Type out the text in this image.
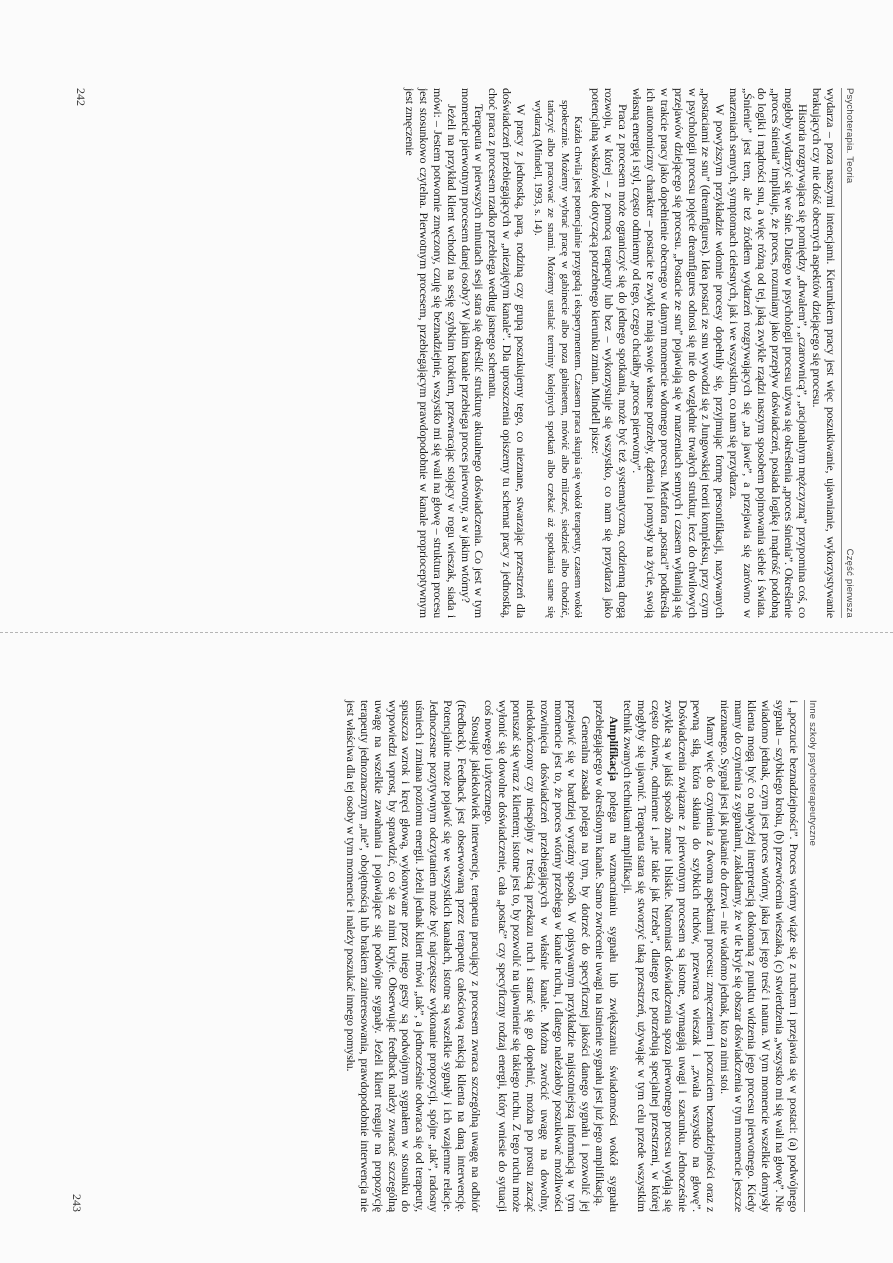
Psychoterapia. Teoria
Część pierwsza

wydarza – poza naszymi intencjami. Kierunkiem pracy jest więc poszukiwanie, ujawnianie, wykorzystywanie brakujących czy nie dość obecnych aspektów dziejącego się procesu.

Historia rozgrywająca się pomiędzy „drwalem”, „czarownicą”, „racjonalnym mężczyzną” przypomina coś, co mogłoby wydarzyć się we śnie. Dlatego w psychologii procesu używa się określenia „proces śnienia”. Określenie „proces śnienia” implikuje, że proces, rozumiany jako przepływ doświadczeń, posiada logikę i mądrość podobną do logiki i mądrości snu, a więc różną od tej, jaką zwykle rządzi naszym sposobem pojmowania siebie i świata. „Śnienie” jest tem, ale też źródłem wydarzeń rozgrywających się „na jawie”, a przejawia się zarówno w marzeniach sennych, symptomach cielesnych, jak i we wszystkim, co nam się przydarza.

W powyższym przykładzie wdomie procesy dopełniły się, przyjmując formę personifikacji, nazywanych „postaciami ze snu” (dreamfigures). Idea postaci ze snu wywodzi się z Jungowskiej teorii kompleksu, przy czym w psychologii procesu pojęcie dreamfigures odnosi się nie do względnie trwałych struktur, lecz do chwilowych przejawów dziejącego się procesu. „Postacie ze snu” pojawiają się w marzeniach sennych i czasem wyłaniają się w trakcie pracy jako dopełnienie obecnego w danym momencie wdomego procesu. Metafora „postaci” podkreśla ich autonomiczny charakter – postacie te zwykle mają swoje własne potrzeby, dążenia i pomysły na życie, swoją własną energię i styl, często odmienny od tego, czego chciałby „proces pierwotny”.

Praca z procesem może ograniczyć się do jednego spotkania, może być też systematyczna, codzienną drogą rozwoju, w której – z pomocą terapeuty lub bez – wykorzystuje się wszystko, co nam się przydarza jako potencjalną wskazówkę dotyczącą potrzebnego kierunku zmian. Mindell pisze:

Każda chwila jest potencjalnie przygodą i eksperymentem. Czasem praca skupia się wokół terapeuty, czasem wokół społecznie. Możemy wybrać pracę w gabinecie albo poza gabinetem, mówić albo milczeć, siedzieć albo chodzić, tańczyć albo pracować ze snami. Możemy ustalać terminy kolejnych spotkań albo czekać aż spotkania same się wydarzą (Mindell, 1993, s. 14).

W pracy z jednostką, parą, rodziną czy grupą poszukujemy tego, co nieznane, stwarzając przestrzeń dla doświadczeń przebiegających w „niezajętym kanale”. Dla uproszczenia opiszemy tu schemat pracy z jednostką, choć praca z procesem rzadko przebiega według jasnego schematu.

Terapeuta w pierwszych minutach sesji stara się określić strukturę aktualnego doświadczenia. Co jest w tym momencie pierwotnym procesem danej osoby? W jakim kanale przebiega proces pierwotny, a w jakim wtórny?

Jeżeli na przykład klient wchodzi na sesję szybkim krokiem, przewracając stojący w rogu wieszak, siada i mówi: – Jestem potwornie zmęczony, czuję się beznadziejnie, wszystko mi się wali na głowę – struktura procesu jest stosunkowo czytelna. Pierwotnym procesem, przebiegającym prawdopodobnie w kanale proprioceptywnym jest zmęczenie

242
Inne szkoły psychoterapeutyczne

i „poczucie beznadziejności”. Proces wtórny wiąże się z ruchem i przejawia się w postaci: (a) podwójnego sygnału – szybkiego kroku, (b) przewrócenia wieszaka, (c) stwierdzenia „wszystko mi się wali na głowę”. Nie wiadomo jednak, czym jest proces wtórny, jaka jest jego treść i natura. W tym momencie wszelkie domysły klienta mogą być co najwyżej interpretacją dokonaną z punktu widzenia jego procesu pierwotnego. Kiedy mamy do czynienia z sygnałami, zakładamy, że w tle kryje się obszar doświadczenia w tym momencie jeszcze nieznanego. Sygnał jest jak pukanie do drzwi – nie wiadomo jednak, kto za nimi stoi.

Mamy więc do czynienia z dwoma aspektami procesu: zmęczeniem i poczuciem beznadziejności oraz z pewną siłą, która skłania do szybkich ruchów, przewraca wieszak i „zwala wszystko na głowę”. Doświadczenia związane z pierwotnym procesem są istotne, wymagają uwagi i szacunku. Jednocześnie zwykle są w jakiś sposób znane i bliskie. Natomiast doświadczenia spoza pierwotnego procesu wydają się często dziwne, odmienne i „nie takie jak trzeba”, dlatego też potrzebują specjalnej przestrzeni, w której mogłyby się ujawnić. Terapeuta stara się stworzyć taką przestrzeń, używając w tym celu przede wszystkim technik zwanych technikami amplifikacji.

Amplifikacja polega na wzmacnianiu sygnału lub zwiększaniu świadomości wokół sygnału przebiegającego w określonym kanale. Samo zwrócenie uwagi na istnienie sygnału jest już jego amplifikacją.

Generalna zasada polega na tym, by dotrzeć do specyficznej jakości danego sygnału i pozwolić jej przejawić się w bardziej wyraźny sposób. W opisywanym przykładzie najistotniejszą informacją w tym momencie jest to, że proces wtórny przebiega w kanale ruchu, i dlatego należałoby poszukiwać możliwości rozwinięcia doświadczeń przebiegających w właśnie kanale. Można zwrócić uwagę na dowolny, niedokończony czy niespójny z treścią przekazu ruch i starać się go dopełnić, można po prostu zacząć poruszać się wraz z klientem; istotne jest to, by pozwolić na ujawnienie się takiego ruchu. Z tego ruchu może wyłonić się dowolne doświadczenie, cała „postać” czy specyficzny rodzaj energii, który wniesie do sytuacji coś nowego i użytecznego.

Stosując jakiekolwiek interwencje, terapeuta pracujący z procesem zwraca szczególną uwagę na odbiór (feedback). Feedback jest obserwowaną przez terapeutę całościową reakcją klienta na daną interwencję. Potencjalnie może pojawić się we wszystkich kanałach, istotne są wszelkie sygnały i ich wzajemne relacje. Jednoczesne pozytywnym odczytaniem może być najczęstsze wykonanie propozycji, spójne „tak”, radosny uśmiech i zmiana poziomu energii. Jeżeli jednak klient mówi „tak”, a jednocześnie odwraca się od terapeuty, spuszcza wzrok i kręci głową, wykonywane przez niego gesty są podwójnym sygnałem w stosunku do wypowiedzi wprost, by sprawdzić, co się za nimi kryje. Obserwując feedback należy zwracać szczególną uwagę na wszelkie zawahania i pojawiające się podwójne sygnały. Jeżeli klient reaguje na propozycję terapeuty jednoznacznym „nie”, obojętnością lub brakiem zainteresowania, prawdopodobnie interwencja nie jest właściwa dla tej osoby w tym momencie i należy poszukać innego pomysłu.

243
